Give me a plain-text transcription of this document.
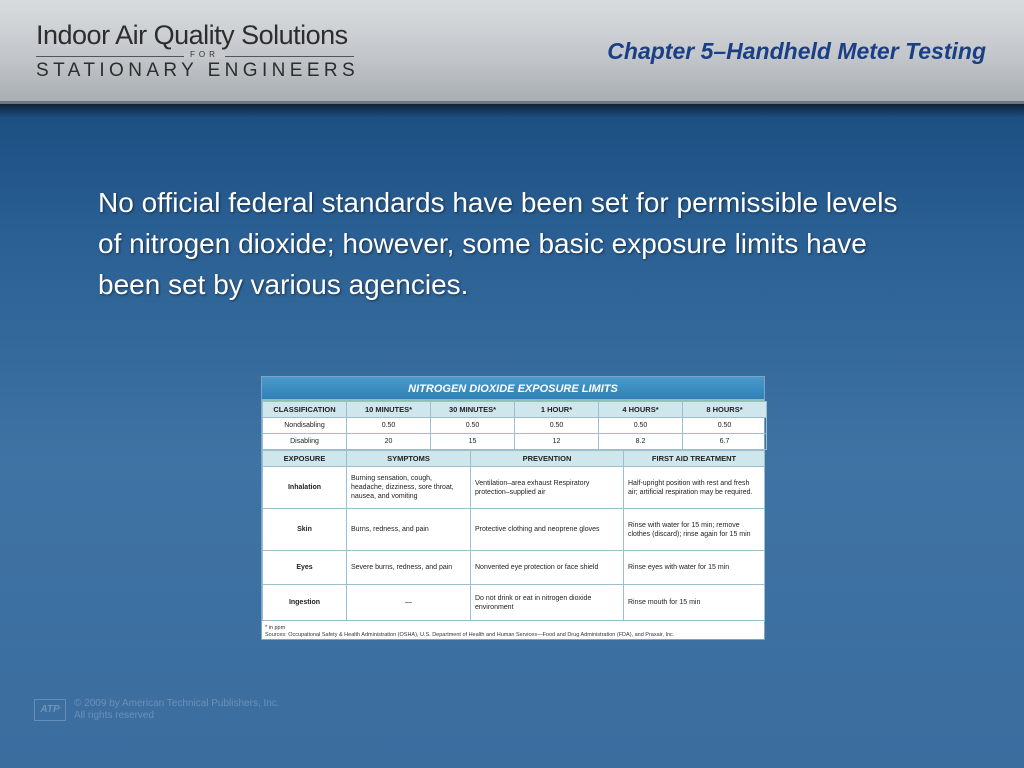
Indoor Air Quality Solutions
FOR
STATIONARY ENGINEERS
Chapter 5–Handheld Meter Testing
No official federal standards have been set for permissible levels of nitrogen dioxide; however, some basic exposure limits have been set by various agencies.
NITROGEN DIOXIDE EXPOSURE LIMITS
CLASSIFICATION	10 MINUTES*	30 MINUTES*	1 HOUR*	4 HOURS*	8 HOURS*
Nondisabling	0.50	0.50	0.50	0.50	0.50
Disabling	20	15	12	8.2	6.7
EXPOSURE	SYMPTOMS	PREVENTION	FIRST AID TREATMENT
Inhalation	Burning sensation, cough, headache, dizziness, sore throat, nausea, and vomiting	Ventilation–area exhaust Respiratory protection–supplied air	Half-upright position with rest and fresh air; artificial respiration may be required.
Skin	Burns, redness, and pain	Protective clothing and neoprene gloves	Rinse with water for 15 min; remove clothes (discard); rinse again for 15 min
Eyes	Severe burns, redness, and pain	Nonvented eye protection or face shield	Rinse eyes with water for 15 min
Ingestion	—	Do not drink or eat in nitrogen dioxide environment	Rinse mouth for 15 min
* in ppm
Sources: Occupational Safety & Health Administration (OSHA), U.S. Department of Health and Human Services—Food and Drug Administration (FDA), and Praxair, Inc.
ATP
© 2009 by American Technical Publishers, Inc.
All rights reserved
